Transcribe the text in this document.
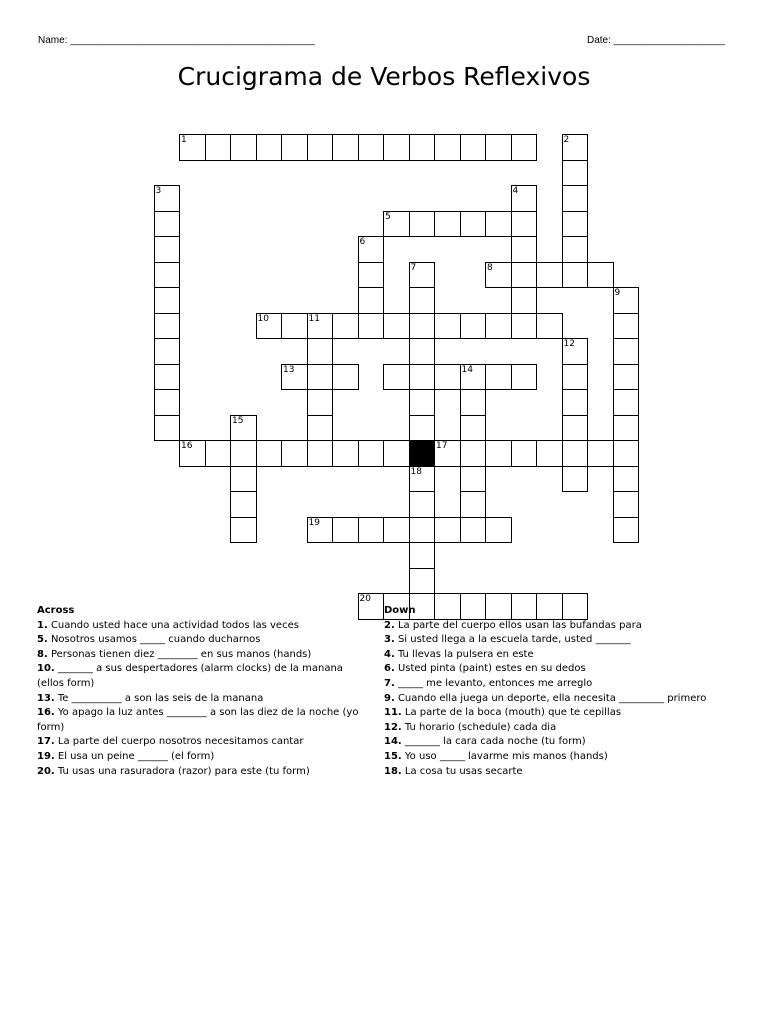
Name: ____________________________________________	Date: ____________________
Crucigrama de Verbos Reflexivos
1	2
3	4
5
6
7	8
9
10	11
12
13	14
15
16	17
18
19
20
Across
1. Cuando usted hace una actividad todos las veces
5. Nosotros usamos _____ cuando ducharnos
8. Personas tienen diez ________ en sus manos (hands)
10. _______ a sus despertadores (alarm clocks) de la manana (ellos form)
13. Te __________ a son las seis de la manana
16. Yo apago la luz antes ________ a son las diez de la noche (yo form)
17. La parte del cuerpo nosotros necesitamos cantar
19. El usa un peine ______ (el form)
20. Tu usas una rasuradora (razor) para este (tu form)
Down
2. La parte del cuerpo ellos usan las bufandas para
3. Si usted llega a la escuela tarde, usted _______
4. Tu llevas la pulsera en este
6. Usted pinta (paint) estes en su dedos
7. _____ me levanto, entonces me arreglo
9. Cuando ella juega un deporte, ella necesita _________ primero
11. La parte de la boca (mouth) que te cepillas
12. Tu horario (schedule) cada dia
14. _______ la cara cada noche (tu form)
15. Yo uso _____ lavarme mis manos (hands)
18. La cosa tu usas secarte
